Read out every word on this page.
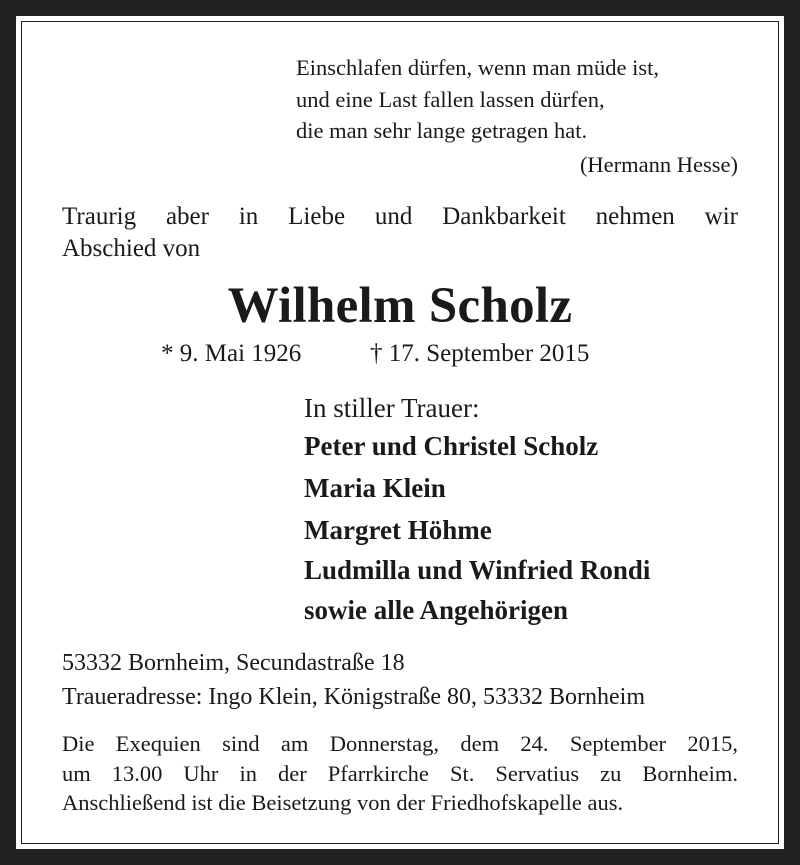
Einschlafen dürfen, wenn man müde ist,

und eine Last fallen lassen dürfen,

die man sehr lange getragen hat.

(Hermann Hesse)

Traurig aber in Liebe und Dankbarkeit nehmen wir

Abschied von

Wilhelm Scholz
* 9. Mai 1926	† 17. September 2015

In stiller Trauer:

Peter und Christel Scholz

Maria Klein

Margret Höhme

Ludmilla und Winfried Rondi

sowie alle Angehörigen

53332 Bornheim, Secundastraße 18

Traueradresse: Ingo Klein, Königstraße 80, 53332 Bornheim

Die Exequien sind am Donnerstag, dem 24. September 2015,

um 13.00 Uhr in der Pfarrkirche St. Servatius zu Bornheim.

Anschließend ist die Beisetzung von der Friedhofskapelle aus.
